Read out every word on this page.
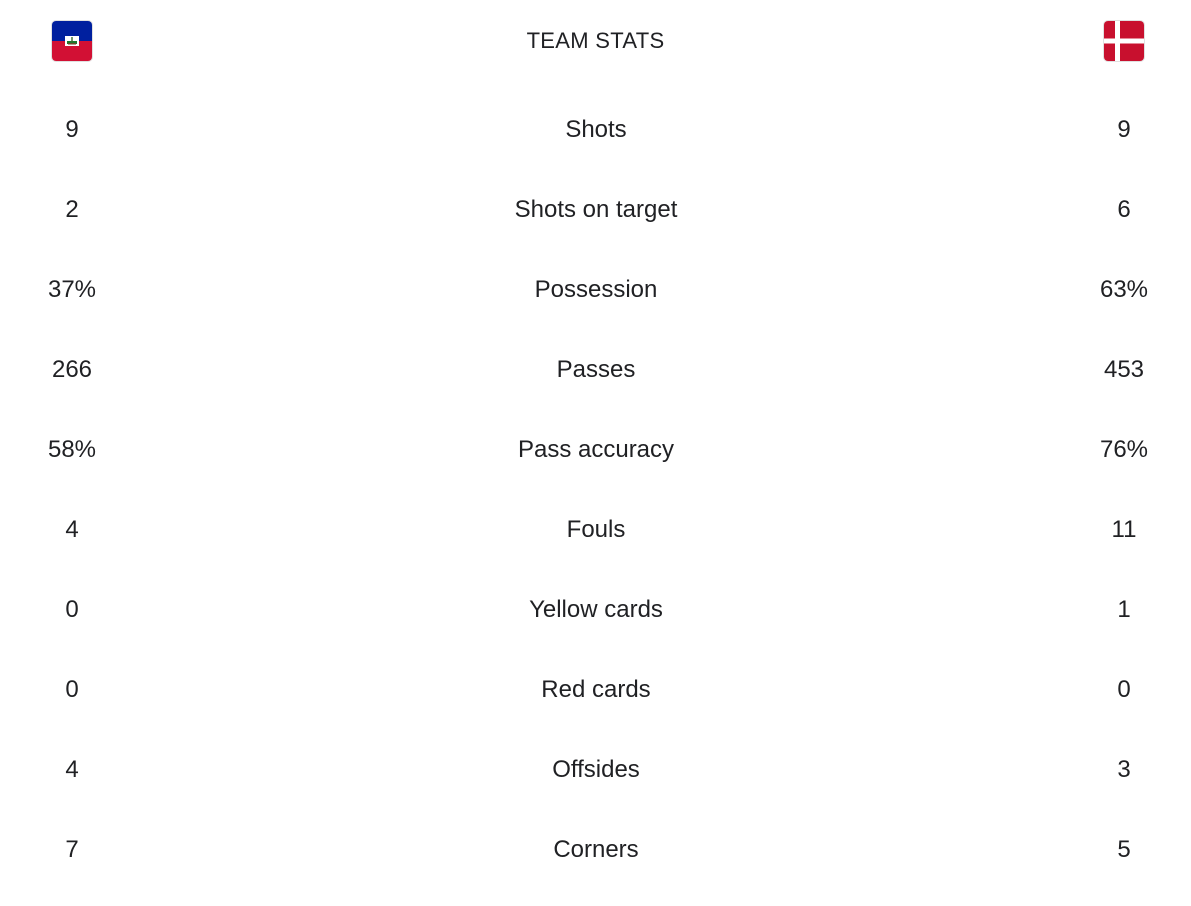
TEAM STATS
9	Shots	9
2	Shots on target	6
37%	Possession	63%
266	Passes	453
58%	Pass accuracy	76%
4	Fouls	11
0	Yellow cards	1
0	Red cards	0
4	Offsides	3
7	Corners	5
